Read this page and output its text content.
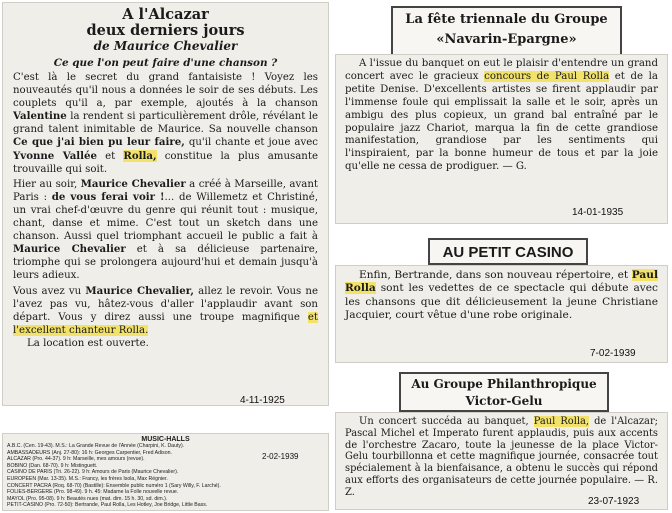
A l'Alcazar
deux derniers jours
de Maurice Chevalier
Ce que l'on peut faire d'une chanson ?

C'est là le secret du grand fantaisiste ! Voyez les nouveautés qu'il nous a données le soir de ses débuts. Les couplets qu'il a, par exemple, ajoutés à la chanson Valentine la rendent si particulièrement drôle, révélant le grand talent inimitable de Maurice. Sa nouvelle chanson Ce que j'ai bien pu leur faire, qu'il chante et joue avec Yvonne Vallée et Rolla, constitue la plus amusante trouvaille qui soit.

Hier au soir, Maurice Chevalier a créé à Marseille, avant Paris : de vous ferai voir !... de Willemetz et Christiné, un vrai chef-d'œuvre du genre qui réunit tout : musique, chant, danse et mime. C'est tout un sketch dans une chanson. Aussi quel triomphant accueil le public a fait à Maurice Chevalier et à sa délicieuse partenaire, triomphe qui se prolongera aujourd'hui et demain jusqu'à leurs adieux.

Vous avez vu Maurice Chevalier, allez le revoir. Vous ne l'avez pas vu, hâtez-vous d'aller l'applaudir avant son départ. Vous y direz aussi une troupe magnifique et l'excellent chanteur Rolla.

La location est ouverte.

4-11-1925
MUSIC-HALLS
A.B.C. (Cen. 19-43). M.S.: La Grande Revue de l'Année (Charpini, K. Dauty).
AMBASSADEURS (Anj. 27-80): 16 h: Georges Carpentier, Fred Adison.
ALCAZAR (Pro. 44-37). 9 h: Marseille, mes amours (revue).
BOBINO (Dan. 68-70). 9 h: Mistinguett.
CASINO DE PARIS (Tri. 26-22). 9 h: Amours de Paris (Maurice Chevalier).
EUROPEEN (Mar. 13-35). M.S.: Francy, les frères Isola, Max Régnier.
CONCERT PACRA (Roq. 68-70) (Bastille): Ensemble public numéro 1 (Sary Willy, F. Larché).
FOLIES-BERGERE (Pro. 98-49). 9 h. 45: Madame la Folle nouvelle revue.
MAYOL (Pro. 95-08). 9 h: Beautés nues (mat. dim. 15 h. 30, sd. dim.).
PETIT-CASINO (Pro. 72-50): Bertrande, Paul Rolla, Les Hotley, Joe Bridge, Little Bass.
2-02-1939
La fête triennale du Groupe
«Navarin-Epargne»

A l'issue du banquet on eut le plaisir d'entendre un grand concert avec le gracieux concours de Paul Rolla et de la petite Denise. D'excellents artistes se firent applaudir par l'immense foule qui emplissait la salle et le soir, après un ambigu des plus copieux, un grand bal entraîné par le populaire jazz Chariot, marqua la fin de cette grandiose manifestation, grandiose par les sentiments qui l'inspiraient, par la bonne humeur de tous et par la joie qu'elle ne cessa de prodiguer. — G.

14-01-1935
AU PETIT CASINO

Enfin, Bertrande, dans son nouveau répertoire, et Paul Rolla sont les vedettes de ce spectacle qui débute avec les chansons que dit délicieusement la jeune Christiane Jacquier, court vêtue d'une robe originale.

7-02-1939
Au Groupe Philanthropique
Victor-Gelu

Un concert succéda au banquet, Paul Rolla, de l'Alcazar; Pascal Michel et Imperato furent applaudis, puis aux accents de l'orchestre Zacaro, toute la jeunesse de la place Victor-Gelu tourbillonna et cette magnifique journée, consacrée tout spécialement à la bienfaisance, a obtenu le succès qui répond aux efforts des organisateurs de cette journée populaire. — R. Z.

23-07-1923
